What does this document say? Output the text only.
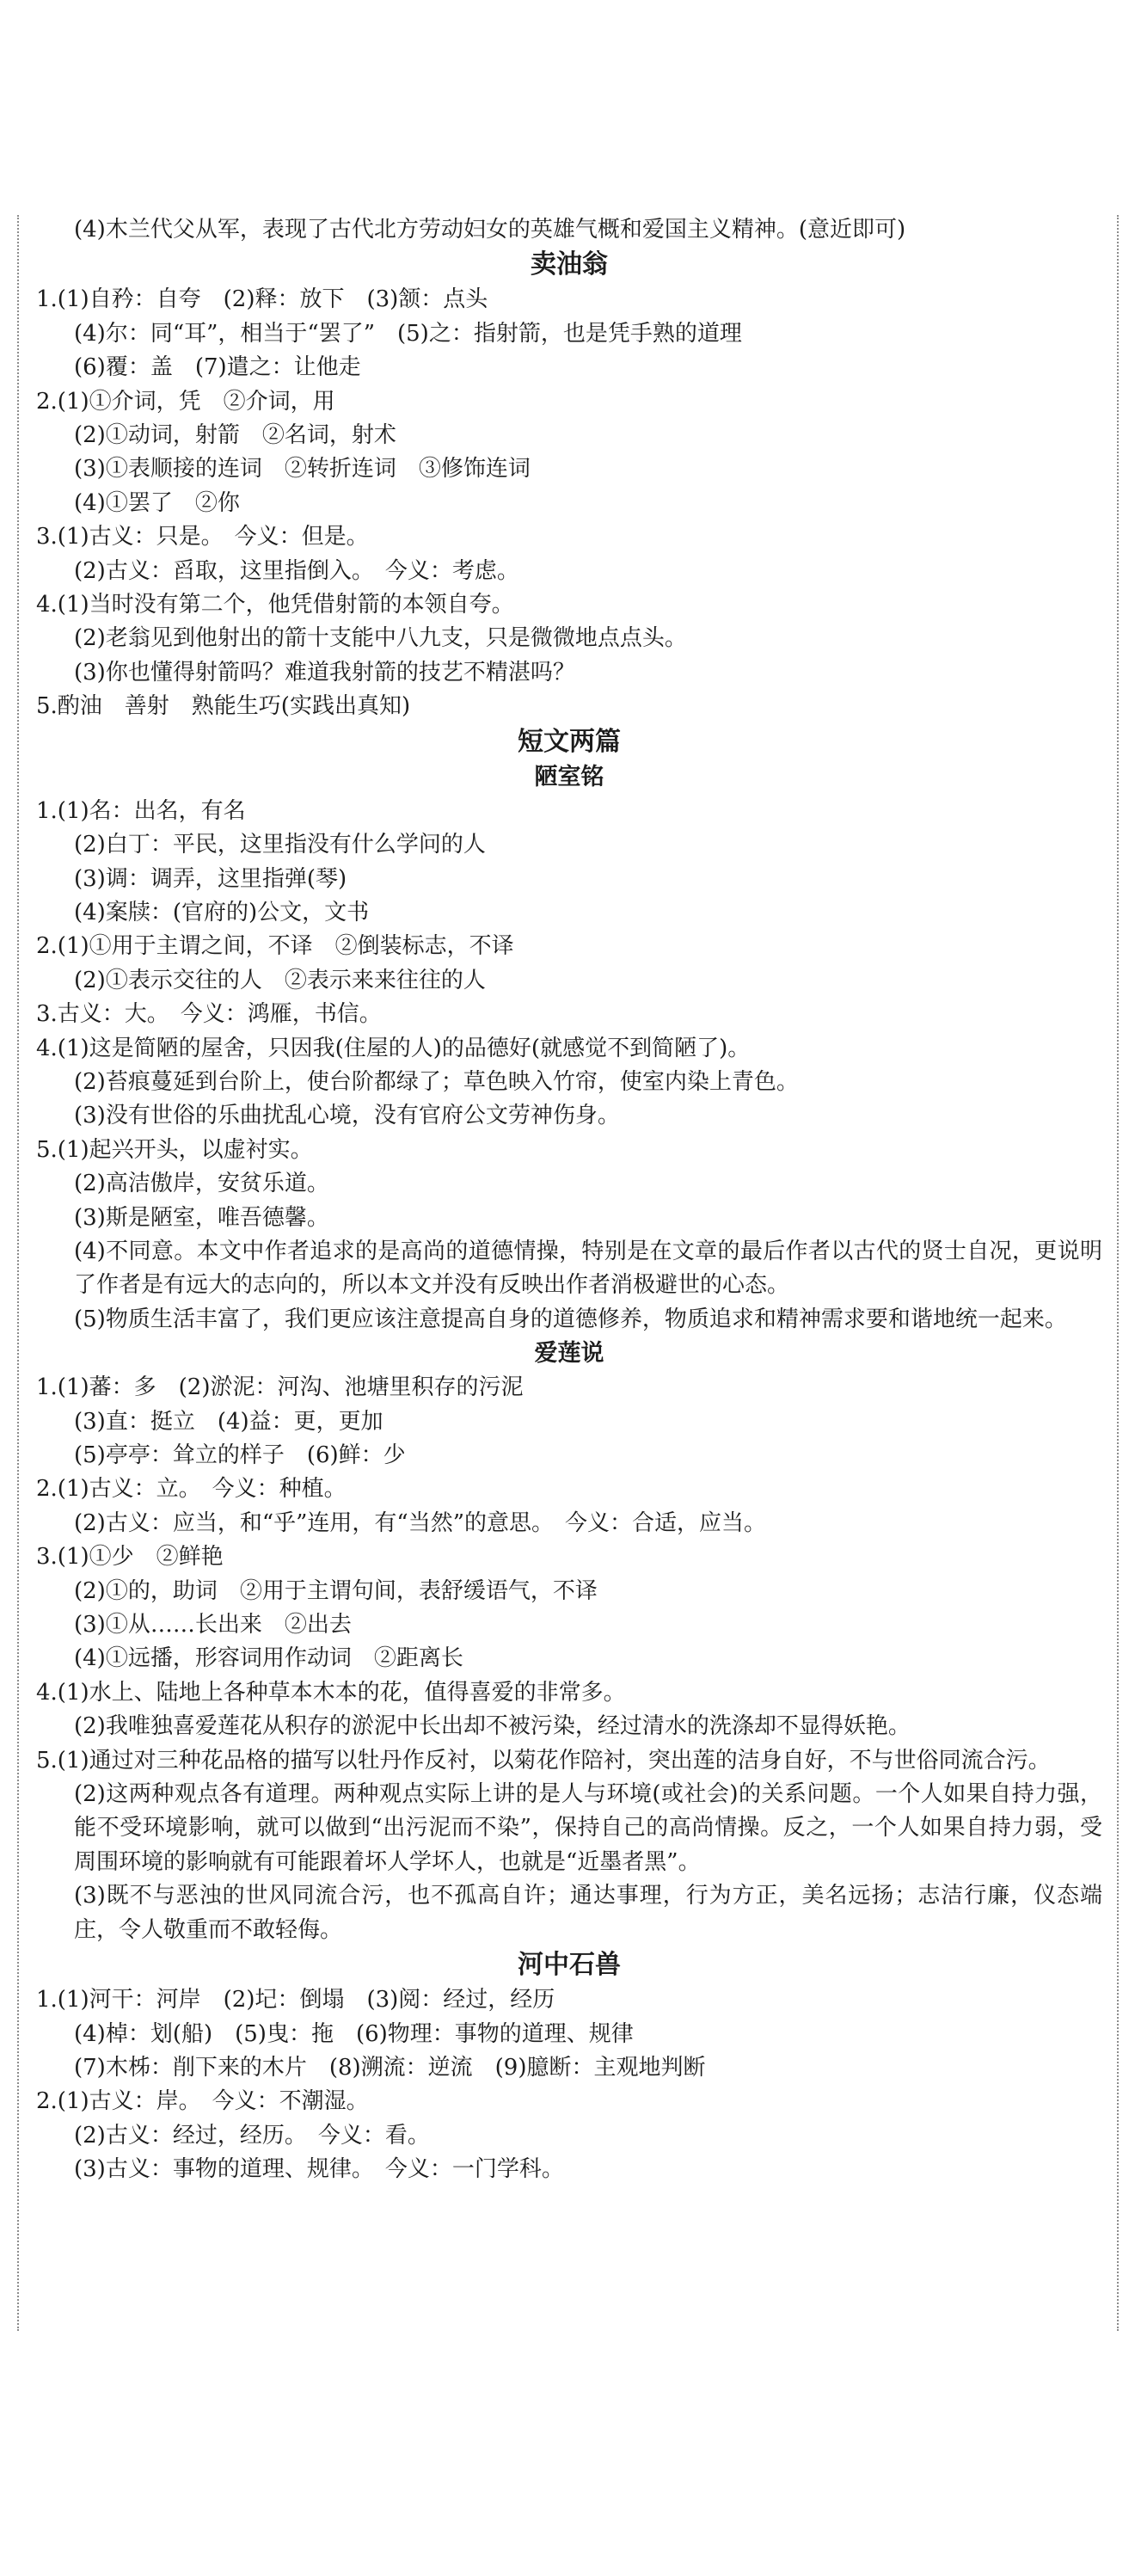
(4)木兰代父从军，表现了古代北方劳动妇女的英雄气概和爱国主义精神。(意近即可)
卖油翁
1.(1)自矜：自夸　(2)释：放下　(3)颔：点头
(4)尔：同“耳”，相当于“罢了”　(5)之：指射箭，也是凭手熟的道理
(6)覆：盖　(7)遣之：让他走
2.(1)①介词，凭　②介词，用
(2)①动词，射箭　②名词，射术
(3)①表顺接的连词　②转折连词　③修饰连词
(4)①罢了　②你
3.(1)古义：只是。　今义：但是。
(2)古义：舀取，这里指倒入。　今义：考虑。
4.(1)当时没有第二个，他凭借射箭的本领自夸。
(2)老翁见到他射出的箭十支能中八九支，只是微微地点点头。
(3)你也懂得射箭吗？难道我射箭的技艺不精湛吗？
5.酌油　善射　熟能生巧(实践出真知)
短文两篇
陋室铭
1.(1)名：出名，有名
(2)白丁：平民，这里指没有什么学问的人
(3)调：调弄，这里指弹(琴)
(4)案牍：(官府的)公文，文书
2.(1)①用于主谓之间，不译　②倒装标志，不译
(2)①表示交往的人　②表示来来往往的人
3.古义：大。　今义：鸿雁，书信。
4.(1)这是简陋的屋舍，只因我(住屋的人)的品德好(就感觉不到简陋了)。
(2)苔痕蔓延到台阶上，使台阶都绿了；草色映入竹帘，使室内染上青色。
(3)没有世俗的乐曲扰乱心境，没有官府公文劳神伤身。
5.(1)起兴开头，以虚衬实。
(2)高洁傲岸，安贫乐道。
(3)斯是陋室，唯吾德馨。
(4)不同意。本文中作者追求的是高尚的道德情操，特别是在文章的最后作者以古代的贤士自况，更说明了作者是有远大的志向的，所以本文并没有反映出作者消极避世的心态。
(5)物质生活丰富了，我们更应该注意提高自身的道德修养，物质追求和精神需求要和谐地统一起来。
爱莲说
1.(1)蕃：多　(2)淤泥：河沟、池塘里积存的污泥
(3)直：挺立　(4)益：更，更加
(5)亭亭：耸立的样子　(6)鲜：少
2.(1)古义：立。　今义：种植。
(2)古义：应当，和“乎”连用，有“当然”的意思。　今义：合适，应当。
3.(1)①少　②鲜艳
(2)①的，助词　②用于主谓句间，表舒缓语气，不译
(3)①从……长出来　②出去
(4)①远播，形容词用作动词　②距离长
4.(1)水上、陆地上各种草本木本的花，值得喜爱的非常多。
(2)我唯独喜爱莲花从积存的淤泥中长出却不被污染，经过清水的洗涤却不显得妖艳。
5.(1)通过对三种花品格的描写以牡丹作反衬，以菊花作陪衬，突出莲的洁身自好，不与世俗同流合污。
(2)这两种观点各有道理。两种观点实际上讲的是人与环境(或社会)的关系问题。一个人如果自持力强，能不受环境影响，就可以做到“出污泥而不染”，保持自己的高尚情操。反之，一个人如果自持力弱，受周围环境的影响就有可能跟着坏人学坏人，也就是“近墨者黑”。
(3)既不与恶浊的世风同流合污，也不孤高自许；通达事理，行为方正，美名远扬；志洁行廉，仪态端庄，令人敬重而不敢轻侮。
河中石兽
1.(1)河干：河岸　(2)圮：倒塌　(3)阅：经过，经历
(4)棹：划(船)　(5)曳：拖　(6)物理：事物的道理、规律
(7)木柹：削下来的木片　(8)溯流：逆流　(9)臆断：主观地判断
2.(1)古义：岸。　今义：不潮湿。
(2)古义：经过，经历。　今义：看。
(3)古义：事物的道理、规律。　今义：一门学科。
